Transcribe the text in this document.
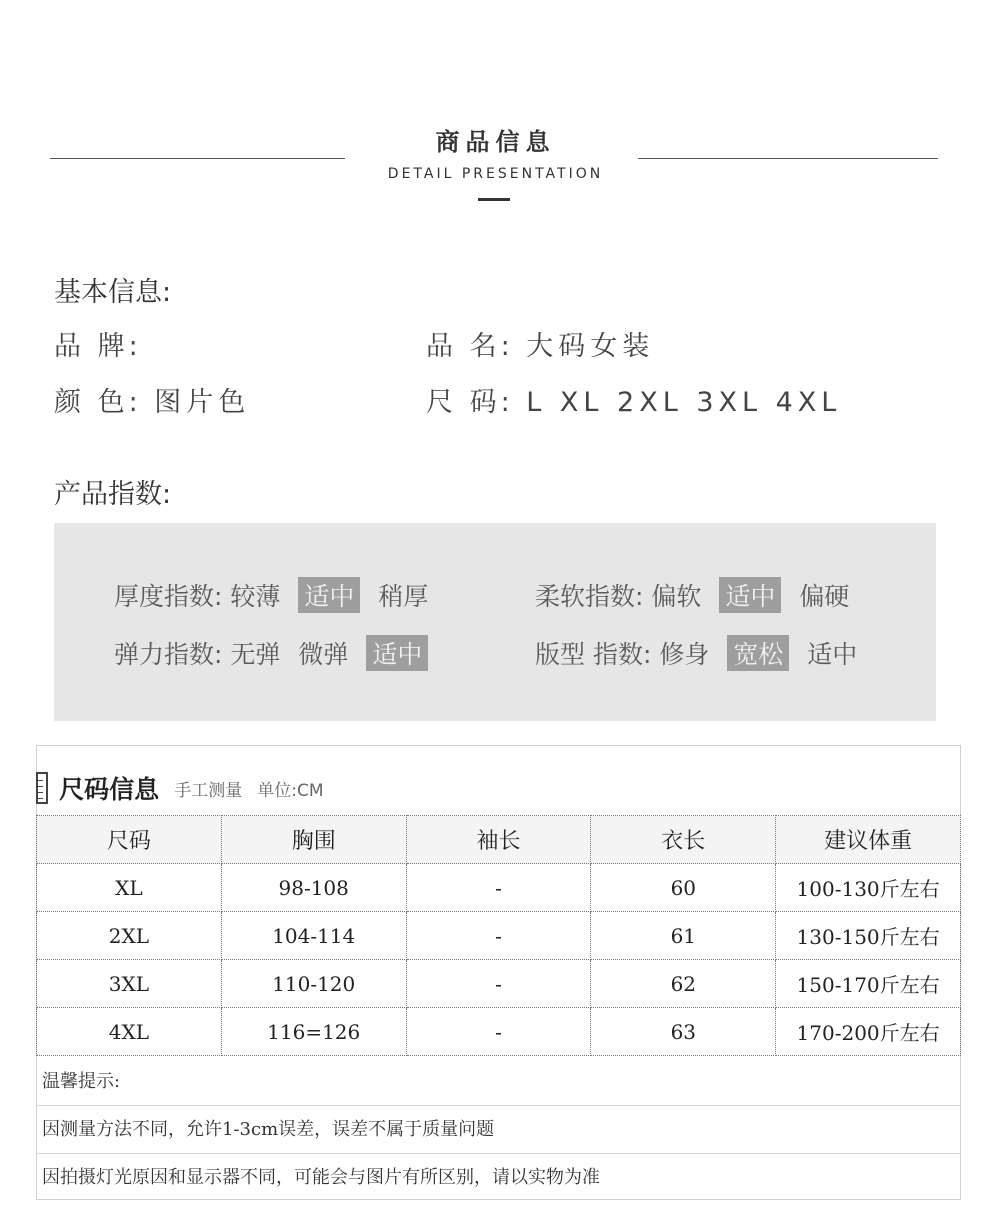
商品信息
DETAIL PRESENTATION
基本信息:
品 牌:	品 名: 大码女装
颜 色: 图片色	尺 码: L XL 2XL 3XL 4XL
产品指数:
厚度指数: 较薄 适中 稍厚	柔软指数: 偏软 适中 偏硬
弹力指数: 无弹 微弹 适中	版型 指数: 修身 宽松 适中
尺码信息 手工测量 单位:CM
尺码	胸围	袖长	衣长	建议体重
XL	98-108	-	60	100-130斤左右
2XL	104-114	-	61	130-150斤左右
3XL	110-120	-	62	150-170斤左右
4XL	116=126	-	63	170-200斤左右
温馨提示:
因测量方法不同，允许1-3cm误差，误差不属于质量问题
因拍摄灯光原因和显示器不同，可能会与图片有所区别，请以实物为准
